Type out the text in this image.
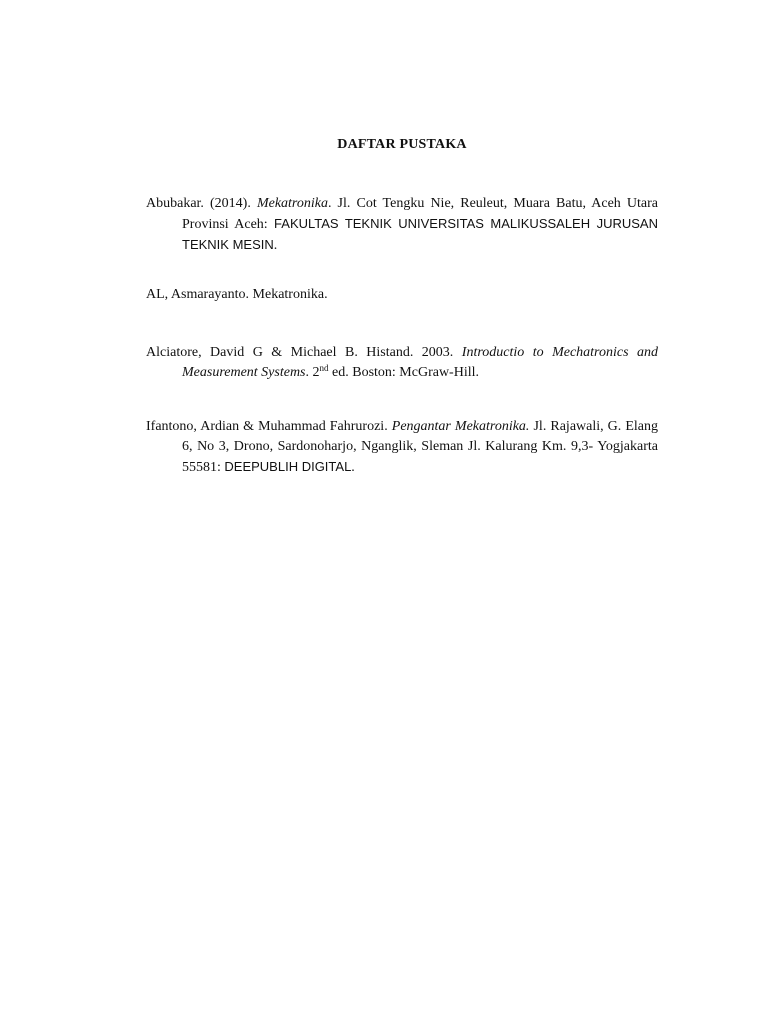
DAFTAR PUSTAKA

Abubakar. (2014). Mekatronika. Jl. Cot Tengku Nie, Reuleut, Muara Batu, Aceh Utara Provinsi Aceh: FAKULTAS TEKNIK UNIVERSITAS MALIKUSSALEH JURUSAN TEKNIK MESIN.

AL, Asmarayanto. Mekatronika.

Alciatore, David G & Michael B. Histand. 2003. Introductio to Mechatronics and Measurement Systems. 2nd ed. Boston: McGraw-Hill.

Ifantono, Ardian & Muhammad Fahrurozi. Pengantar Mekatronika. Jl. Rajawali, G. Elang 6, No 3, Drono, Sardonoharjo, Nganglik, Sleman Jl. Kalurang Km. 9,3- Yogjakarta 55581: DEEPUBLIH DIGITAL.
